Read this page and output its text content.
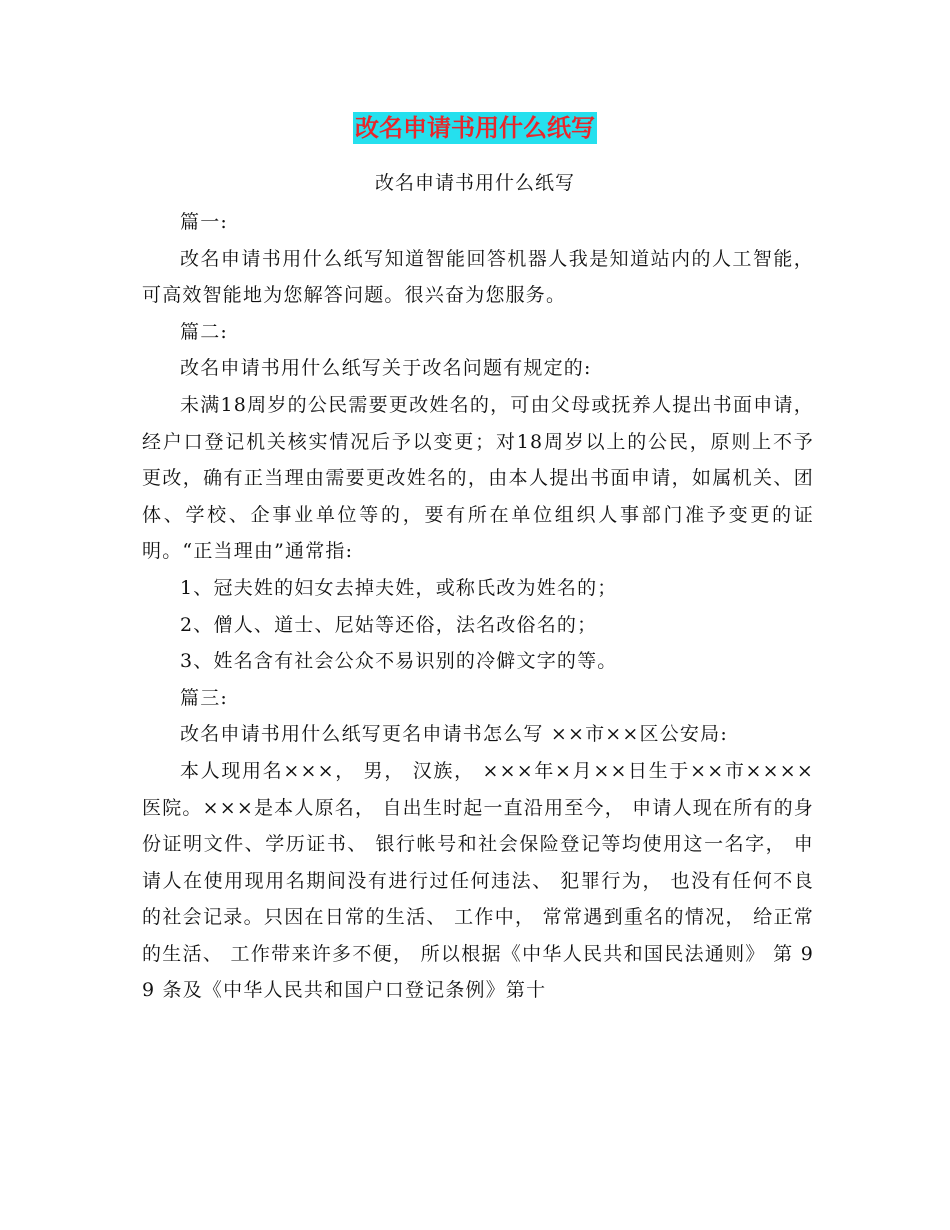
改名申请书用什么纸写
改名申请书用什么纸写

篇一:

改名申请书用什么纸写知道智能回答机器人我是知道站内的人工智能，可高效智能地为您解答问题。很兴奋为您服务。

篇二:

改名申请书用什么纸写关于改名问题有规定的:

未满18周岁的公民需要更改姓名的，可由父母或抚养人提出书面申请，经户口登记机关核实情况后予以变更；对18周岁以上的公民，原则上不予更改，确有正当理由需要更改姓名的，由本人提出书面申请，如属机关、团体、学校、企事业单位等的，要有所在单位组织人事部门准予变更的证明。“正当理由”通常指:

1、冠夫姓的妇女去掉夫姓，或称氏改为姓名的；

2、僧人、道士、尼姑等还俗，法名改俗名的；

3、姓名含有社会公众不易识别的冷僻文字的等。

篇三:

改名申请书用什么纸写更名申请书怎么写 ××市××区公安局:

本人现用名×××， 男， 汉族， ×××年×月××日生于××市××××医院。×××是本人原名， 自出生时起一直沿用至今， 申请人现在所有的身份证明文件、学历证书、 银行帐号和社会保险登记等均使用这一名字， 申请人在使用现用名期间没有进行过任何违法、 犯罪行为， 也没有任何不良的社会记录。只因在日常的生活、 工作中， 常常遇到重名的情况， 给正常的生活、 工作带来许多不便， 所以根据《中华人民共和国民法通则》 第 99 条及《中华人民共和国户口登记条例》第十
